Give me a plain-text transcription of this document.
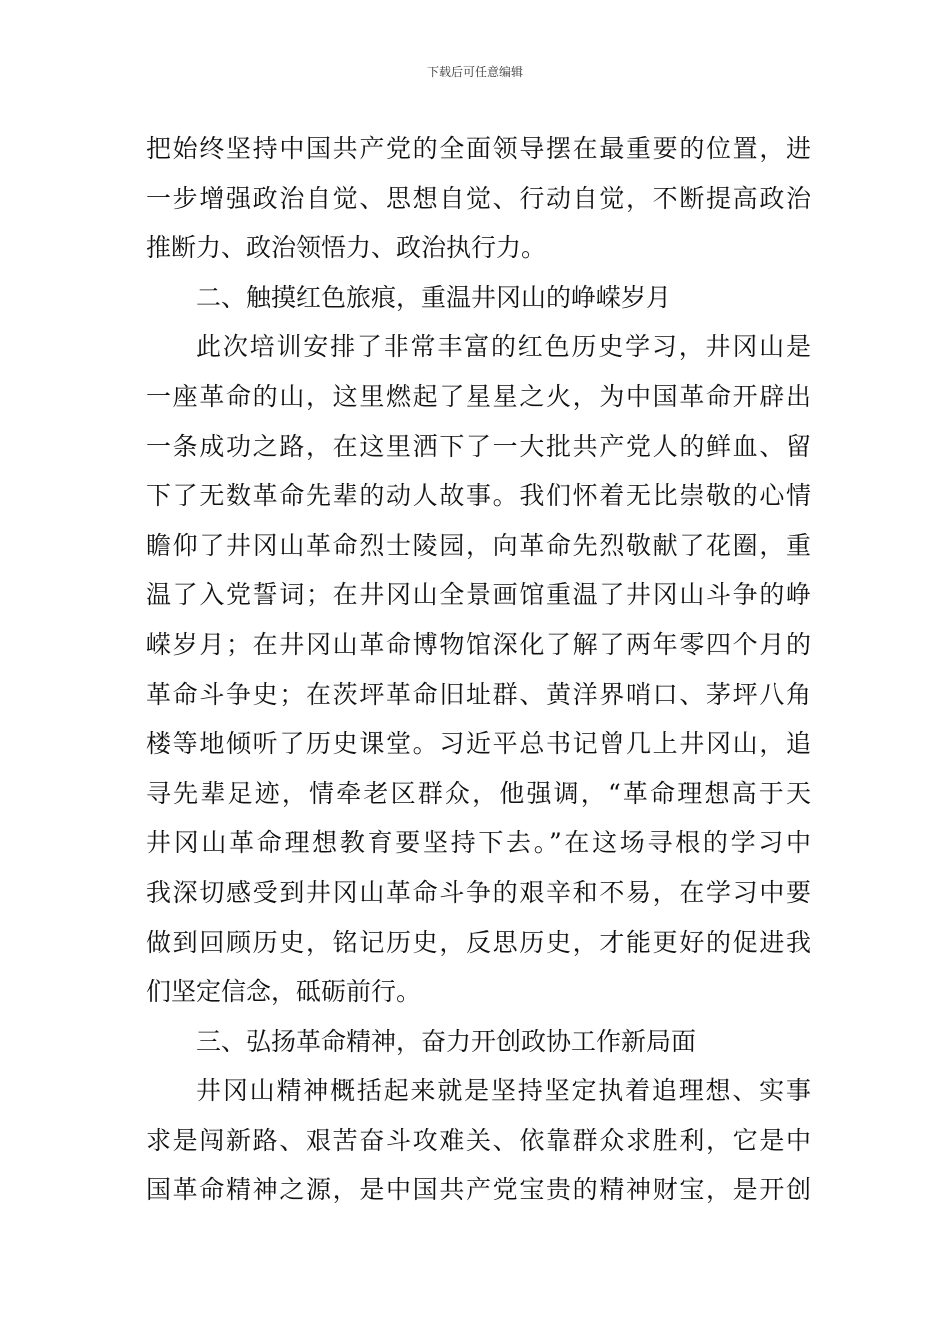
下载后可任意编辑
把始终坚持中国共产党的全面领导摆在最重要的位置，进
一步增强政治自觉、思想自觉、行动自觉，不断提高政治
推断力、政治领悟力、政治执行力。
二、触摸红色旅痕，重温井冈山的峥嵘岁月
此次培训安排了非常丰富的红色历史学习，井冈山是
一座革命的山，这里燃起了星星之火，为中国革命开辟出
一条成功之路，在这里洒下了一大批共产党人的鲜血、留
下了无数革命先辈的动人故事。我们怀着无比崇敬的心情
瞻仰了井冈山革命烈士陵园，向革命先烈敬献了花圈，重
温了入党誓词；在井冈山全景画馆重温了井冈山斗争的峥
嵘岁月；在井冈山革命博物馆深化了解了两年零四个月的
革命斗争史；在茨坪革命旧址群、黄洋界哨口、茅坪八角
楼等地倾听了历史课堂。习近平总书记曾几上井冈山，追
寻先辈足迹，情牵老区群众，他强调，“革命理想高于天
井冈山革命理想教育要坚持下去。”在这场寻根的学习中
我深切感受到井冈山革命斗争的艰辛和不易，在学习中要
做到回顾历史，铭记历史，反思历史，才能更好的促进我
们坚定信念，砥砺前行。
三、弘扬革命精神，奋力开创政协工作新局面
井冈山精神概括起来就是坚持坚定执着追理想、实事
求是闯新路、艰苦奋斗攻难关、依靠群众求胜利，它是中
国革命精神之源，是中国共产党宝贵的精神财宝，是开创
